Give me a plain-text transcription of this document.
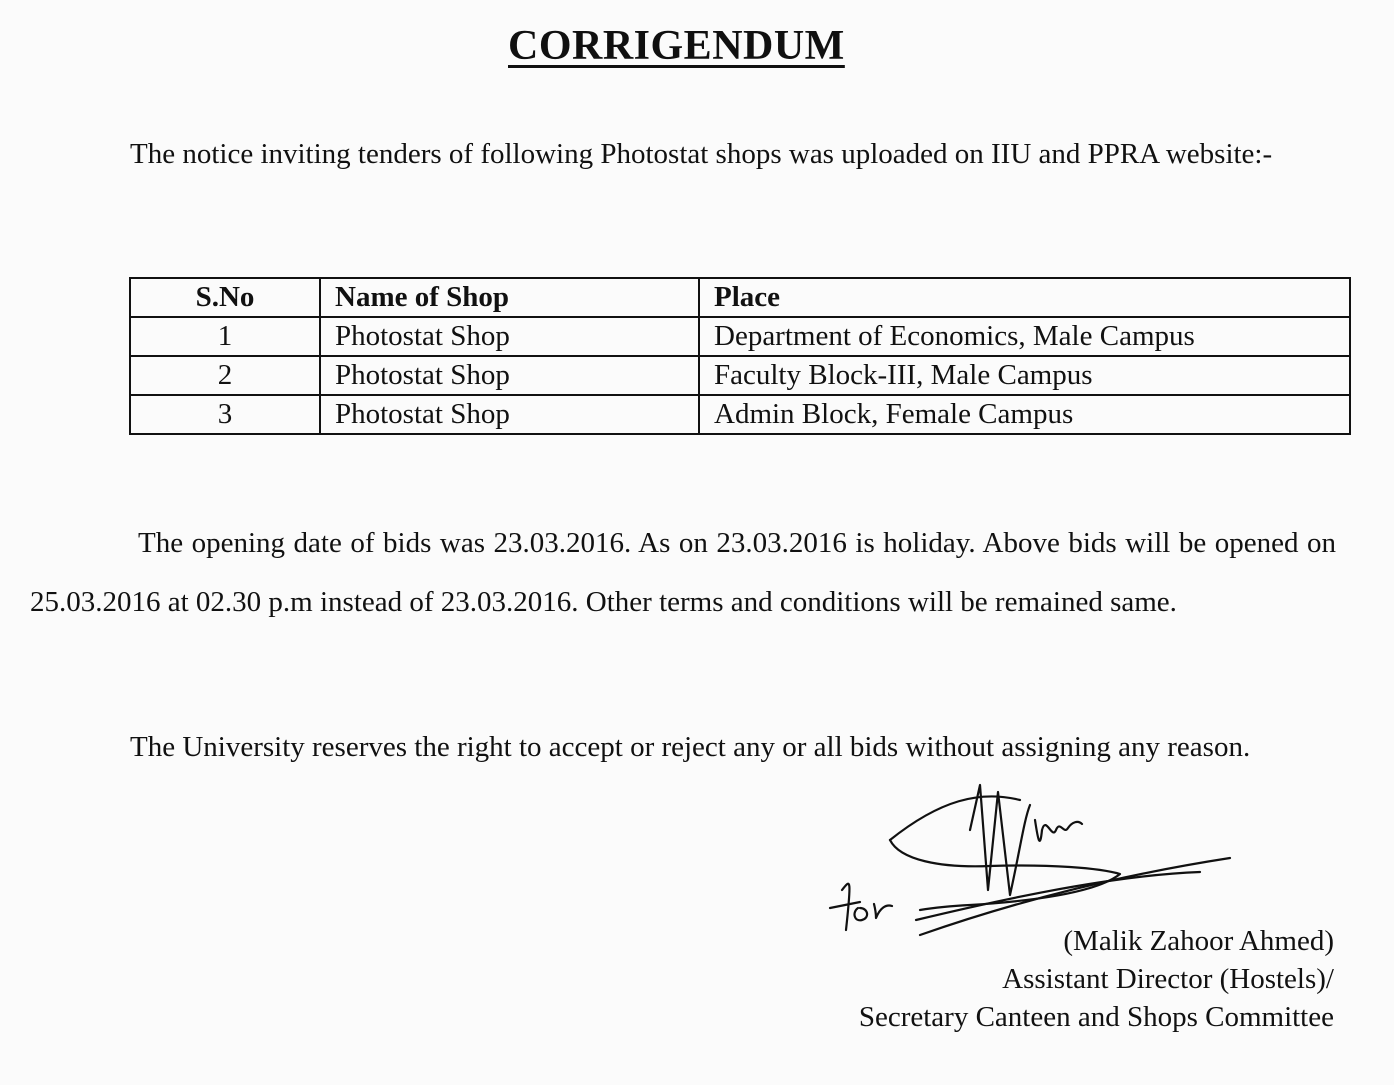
CORRIGENDUM

The notice inviting tenders of following Photostat shops was uploaded on IIU and PPRA website:-

S.No	Name of Shop	Place
1	Photostat Shop	Department of Economics, Male Campus
2	Photostat Shop	Faculty Block-III, Male Campus
3	Photostat Shop	Admin Block, Female Campus

The opening date of bids was 23.03.2016. As on 23.03.2016 is holiday. Above bids will be opened on 25.03.2016 at 02.30 p.m instead of 23.03.2016. Other terms and conditions will be remained same.

The University reserves the right to accept or reject any or all bids without assigning any reason.

(Malik Zahoor Ahmed)
Assistant Director (Hostels)/
Secretary Canteen and Shops Committee
